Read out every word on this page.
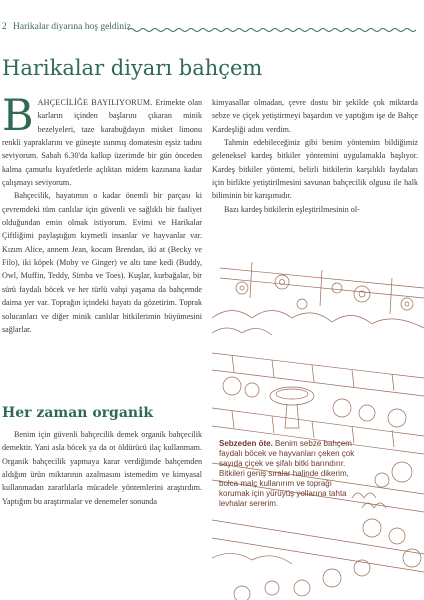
2 Harikalar diyarına hoş geldiniz
Harikalar diyarı bahçem

B AHÇECİLİĞE BAYILIYORUM. Erimekte olan karların içinden başlarını çıkaran minik bezelyeleri, taze karabuğdayın misket limonu renkli yapraklarını ve güneşte ısınmış domatesin eşsiz tadını seviyorum. Sabah 6.30'da kalkıp üzerimde bir gün önceden kalma çamurlu kıyafetlerle açlıktan midem kazınana kadar çalışmayı seviyorum.

Bahçecilik, hayatımın o kadar önemli bir parçası ki çevremdeki tüm canlılar için güvenli ve sağlıklı bir faaliyet olduğundan emin olmak istiyorum. Evimi ve Harikalar Çiftliğimi paylaştığım kıymetli insanlar ve hayvanlar var. Kızım Alice, annem Jean, kocam Brendan, iki at (Becky ve Filo), iki köpek (Moby ve Ginger) ve altı tane kedi (Buddy, Owl, Muffin, Teddy, Simba ve Toes). Kuşlar, kurbağalar, bir sürü faydalı böcek ve her türlü vahşi yaşama da bahçemde daima yer var. Toprağın içindeki hayatı da gözetirim. Toprak solucanları ve diğer minik canlılar bitkilerimin büyümesini sağlarlar.

Her zaman organik

Benim için güvenli bahçecilik demek organik bahçecilik demektir. Yani asla böcek ya da ot öldürücü ilaç kullanmam. Organik bahçecilik yapmaya karar verdiğimde bahçemden aldığım ürün miktarının azalmasını istemedim ve kimyasal kullanmadan zararlılarla mücadele yöntemlerini araştırdım. Yaptığım bu araştırmalar ve denemeler sonunda

kimyasallar olmadan, çevre dostu bir şekilde çok miktarda sebze ve çiçek yetiştirmeyi başardım ve yaptığım işe de Bahçe Kardeşliği adını verdim.

Tahmin edebileceğiniz gibi benim yöntemim bildiğimiz geleneksel kardeş bitkiler yöntemini uygulamakla başlıyor. Kardeş bitkiler yöntemi, belirli bitkilerin karşılıklı faydaları için birlikte yetiştirilmesini savunan bahçecilik olgusu ile halk biliminin bir karışımıdır.

Bazı kardeş bitkilerin eşleştirilmesinin ol-

Sebzeden öte. Benim sebze bahçem faydalı böcek ve hayvanları çeken çok sayıda çiçek ve şifalı bitki barındırır. Bitkileri geniş sıralar halinde dikerim, bolca malç kullanırım ve toprağı korumak için yürüyüş yollarına tahta levhalar sererim.
